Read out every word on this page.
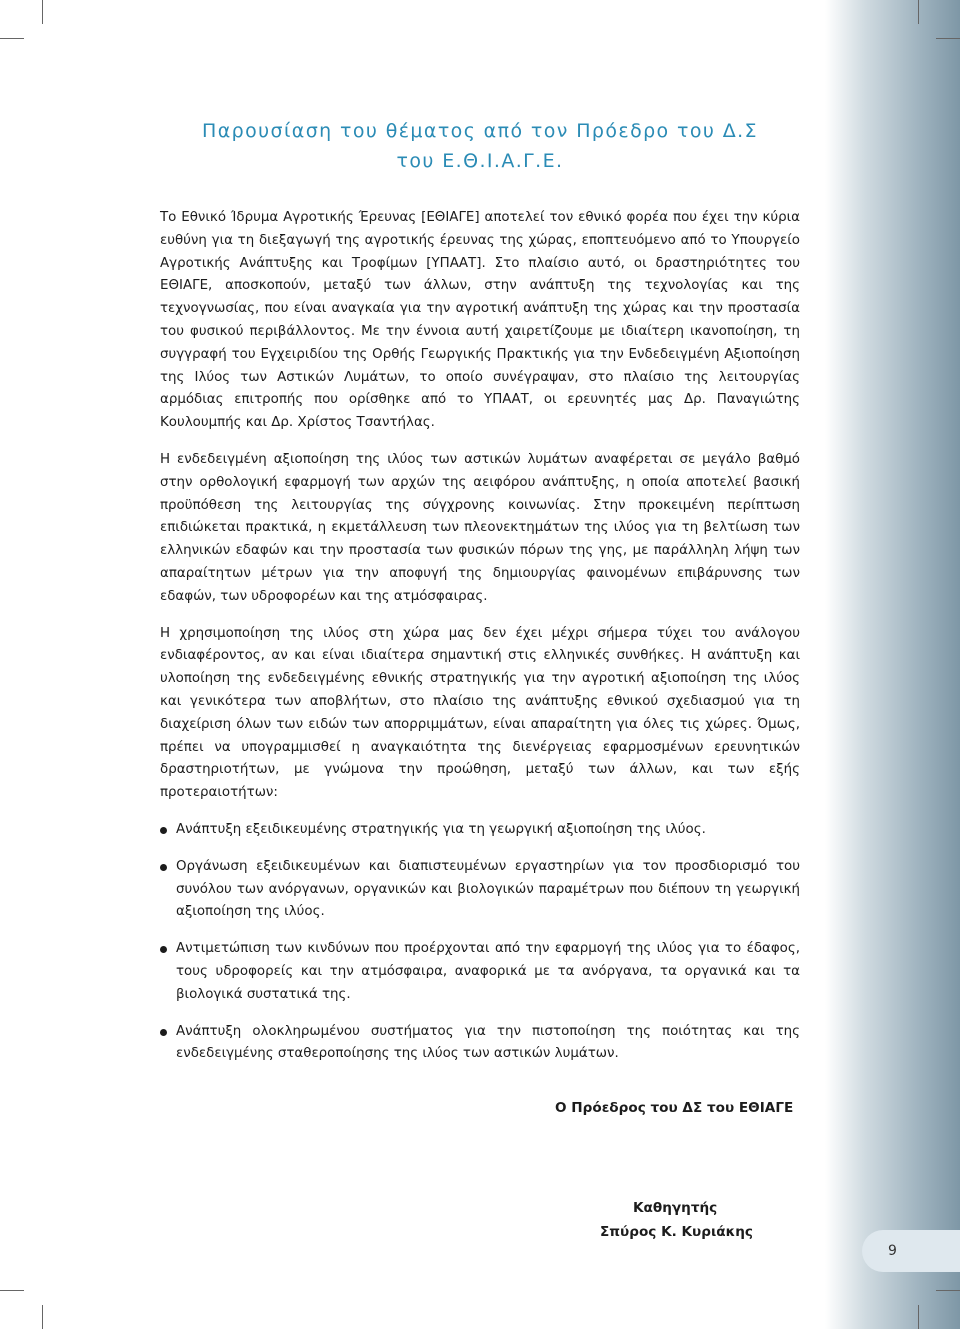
Παρουσίαση του θέματος από τον Πρόεδρο του Δ.Σ
του Ε.Θ.Ι.Α.Γ.Ε.

Το Εθνικό Ίδρυμα Αγροτικής Έρευνας [ΕΘΙΑΓΕ] αποτελεί τον εθνικό φορέα που έχει την κύρια ευθύνη για τη διεξαγωγή της αγροτικής έρευνας της χώρας, εποπτευόμενο από το Υπουργείο Αγροτικής Ανάπτυξης και Τροφίμων [ΥΠΑΑΤ]. Στο πλαίσιο αυτό, οι δραστηριότητες του ΕΘΙΑΓΕ, αποσκοπούν, μεταξύ των άλλων, στην ανάπτυξη της τεχνολογίας και της τεχνογνωσίας, που είναι αναγκαία για την αγροτική ανάπτυξη της χώρας και την προστασία του φυσικού περιβάλλοντος. Με την έννοια αυτή χαιρετίζουμε με ιδιαίτερη ικανοποίηση, τη συγγραφή του Εγχειριδίου της Ορθής Γεωργικής Πρακτικής για την Ενδεδειγμένη Αξιοποίηση της Ιλύος των Αστικών Λυμάτων, το οποίο συνέγραψαν, στο πλαίσιο της λειτουργίας αρμόδιας επιτροπής που ορίσθηκε από το ΥΠΑΑΤ, οι ερευνητές μας Δρ. Παναγιώτης Κουλουμπής και Δρ. Χρίστος Τσαντήλας.

Η ενδεδειγμένη αξιοποίηση της ιλύος των αστικών λυμάτων αναφέρεται σε μεγάλο βαθμό στην ορθολογική εφαρμογή των αρχών της αειφόρου ανάπτυξης, η οποία αποτελεί βασική προϋπόθεση της λειτουργίας της σύγχρονης κοινωνίας. Στην προκειμένη περίπτωση επιδιώκεται πρακτικά, η εκμετάλλευση των πλεονεκτημάτων της ιλύος για τη βελτίωση των ελληνικών εδαφών και την προστασία των φυσικών πόρων της γης, με παράλληλη λήψη των απαραίτητων μέτρων για την αποφυγή της δημιουργίας φαινομένων επιβάρυνσης των εδαφών, των υδροφορέων και της ατμόσφαιρας.

Η χρησιμοποίηση της ιλύος στη χώρα μας δεν έχει μέχρι σήμερα τύχει του ανάλογου ενδιαφέροντος, αν και είναι ιδιαίτερα σημαντική στις ελληνικές συνθήκες. Η ανάπτυξη και υλοποίηση της ενδεδειγμένης εθνικής στρατηγικής για την αγροτική αξιοποίηση της ιλύος και γενικότερα των αποβλήτων, στο πλαίσιο της ανάπτυξης εθνικού σχεδιασμού για τη διαχείριση όλων των ειδών των απορριμμάτων, είναι απαραίτητη για όλες τις χώρες. Όμως, πρέπει να υπογραμμισθεί η αναγκαιότητα της διενέργειας εφαρμοσμένων ερευνητικών δραστηριοτήτων, με γνώμονα την προώθηση, μεταξύ των άλλων, και των εξής προτεραιοτήτων:

Ανάπτυξη εξειδικευμένης στρατηγικής για τη γεωργική αξιοποίηση της ιλύος.
Οργάνωση εξειδικευμένων και διαπιστευμένων εργαστηρίων για τον προσδιορισμό του συνόλου των ανόργανων, οργανικών και βιολογικών παραμέτρων που διέπουν τη γεωργική αξιοποίηση της ιλύος.
Αντιμετώπιση των κινδύνων που προέρχονται από την εφαρμογή της ιλύος για το έδαφος, τους υδροφορείς και την ατμόσφαιρα, αναφορικά με τα ανόργανα, τα οργανικά και τα βιολογικά συστατικά της.
Ανάπτυξη ολοκληρωμένου συστήματος για την πιστοποίηση της ποιότητας και της ενδεδειγμένης σταθεροποίησης της ιλύος των αστικών λυμάτων.
Ο Πρόεδρος του ΔΣ του ΕΘΙΑΓΕ
Καθηγητής
Σπύρος Κ. Κυριάκης
9
